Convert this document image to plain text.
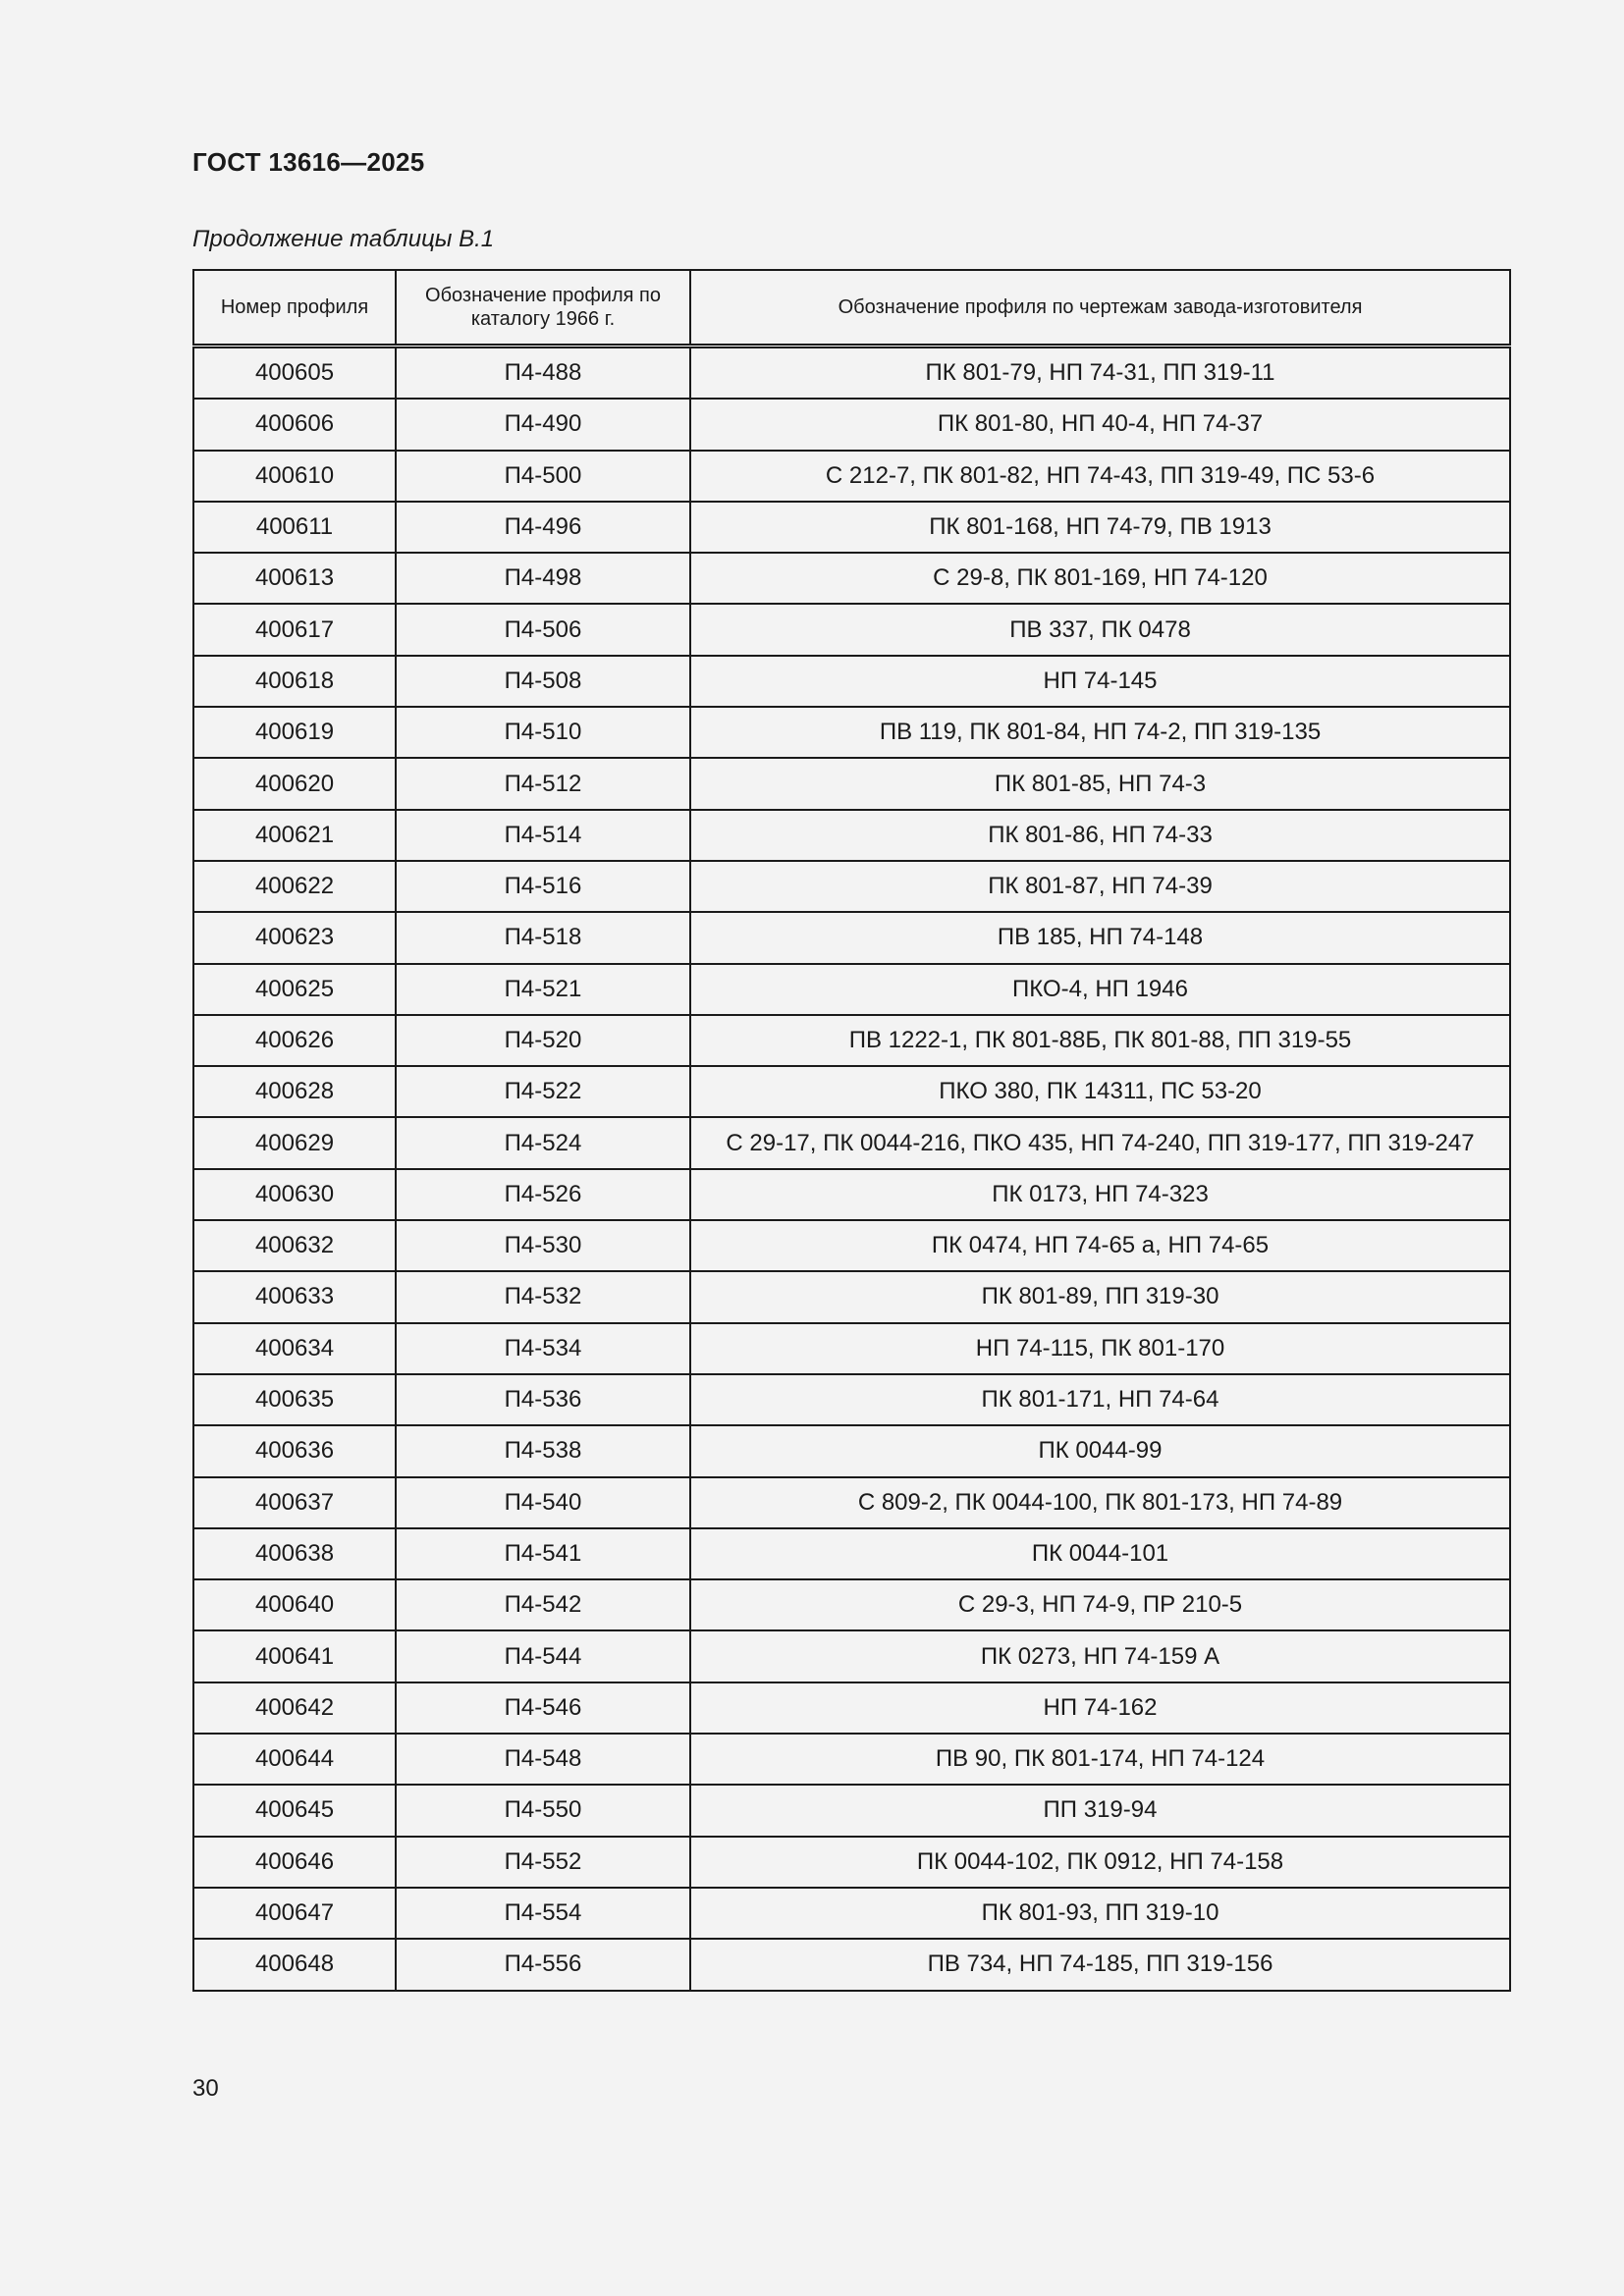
ГОСТ 13616—2025
Продолжение таблицы В.1
Номер профиля	Обозначение профиля по каталогу 1966 г.	Обозначение профиля по чертежам завода-изготовителя
400605	П4-488	ПК 801-79, НП 74-31, ПП 319-11
400606	П4-490	ПК 801-80, НП 40-4, НП 74-37
400610	П4-500	С 212-7, ПК 801-82, НП 74-43, ПП 319-49, ПС 53-6
400611	П4-496	ПК 801-168, НП 74-79, ПВ 1913
400613	П4-498	С 29-8, ПК 801-169, НП 74-120
400617	П4-506	ПВ 337, ПК 0478
400618	П4-508	НП 74-145
400619	П4-510	ПВ 119, ПК 801-84, НП 74-2, ПП 319-135
400620	П4-512	ПК 801-85, НП 74-3
400621	П4-514	ПК 801-86, НП 74-33
400622	П4-516	ПК 801-87, НП 74-39
400623	П4-518	ПВ 185, НП 74-148
400625	П4-521	ПКО-4, НП 1946
400626	П4-520	ПВ 1222-1, ПК 801-88Б, ПК 801-88, ПП 319-55
400628	П4-522	ПКО 380, ПК 14311, ПС 53-20
400629	П4-524	С 29-17, ПК 0044-216, ПКО 435, НП 74-240, ПП 319-177, ПП 319-247
400630	П4-526	ПК 0173, НП 74-323
400632	П4-530	ПК 0474, НП 74-65 а, НП 74-65
400633	П4-532	ПК 801-89, ПП 319-30
400634	П4-534	НП 74-115, ПК 801-170
400635	П4-536	ПК 801-171, НП 74-64
400636	П4-538	ПК 0044-99
400637	П4-540	С 809-2, ПК 0044-100, ПК 801-173, НП 74-89
400638	П4-541	ПК 0044-101
400640	П4-542	С 29-3, НП 74-9, ПР 210-5
400641	П4-544	ПК 0273, НП 74-159 А
400642	П4-546	НП 74-162
400644	П4-548	ПВ 90, ПК 801-174, НП 74-124
400645	П4-550	ПП 319-94
400646	П4-552	ПК 0044-102, ПК 0912, НП 74-158
400647	П4-554	ПК 801-93, ПП 319-10
400648	П4-556	ПВ 734, НП 74-185, ПП 319-156
30
